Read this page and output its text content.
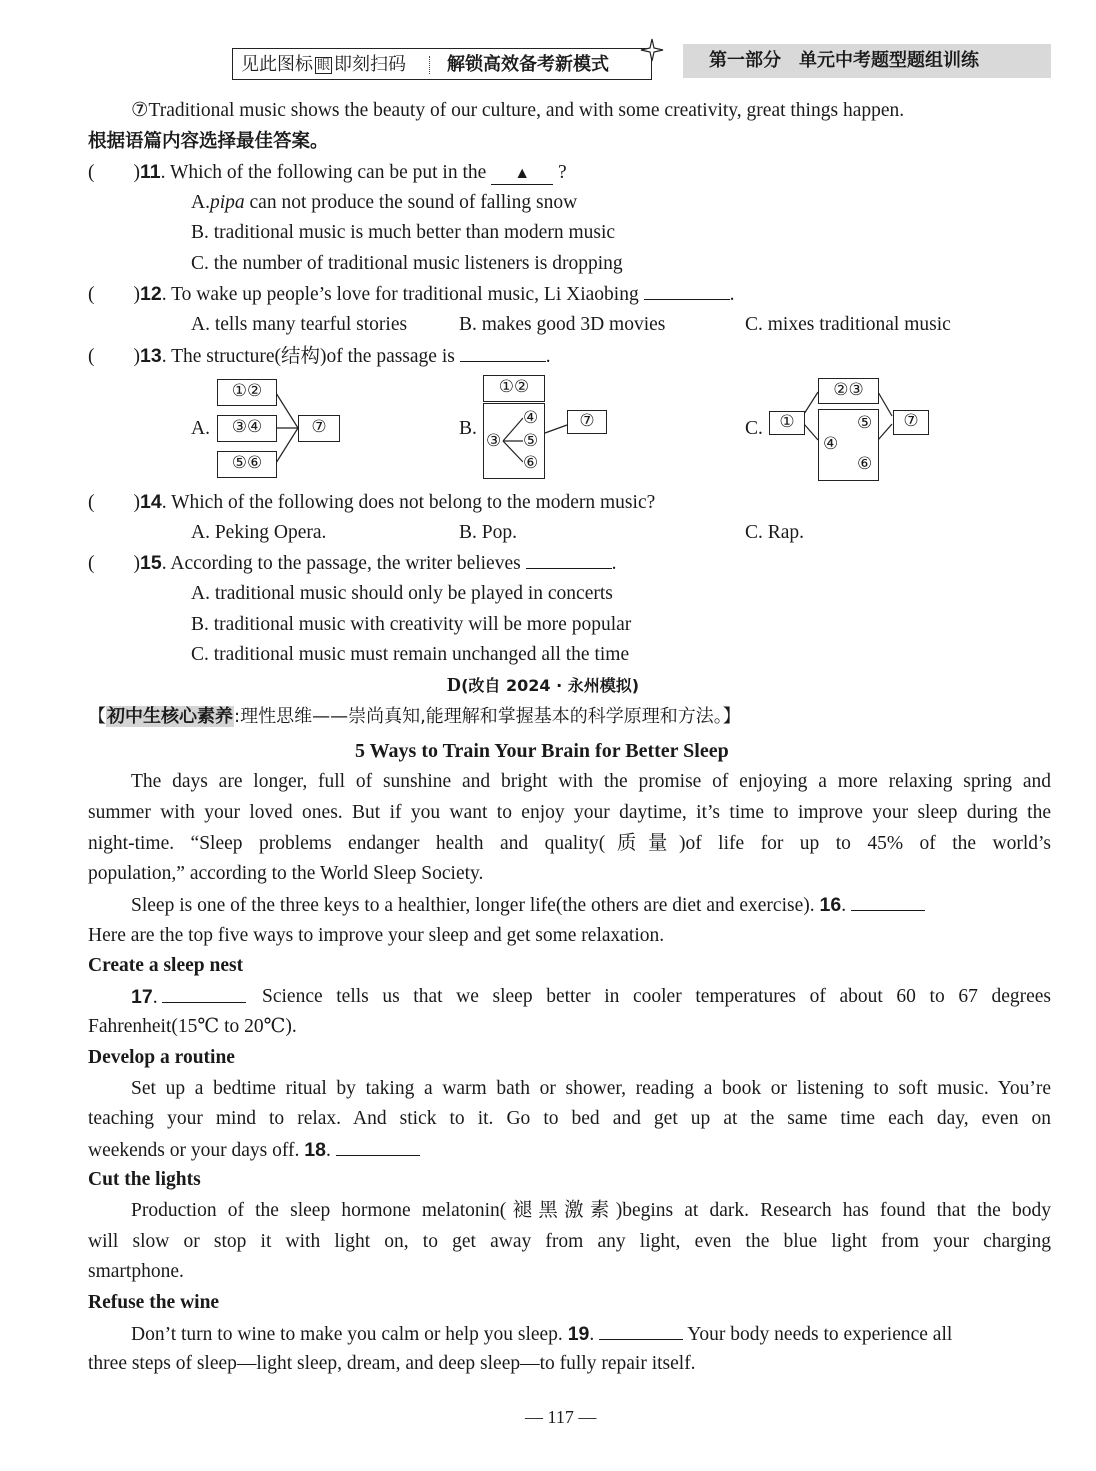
见此图标 眼 即刻扫码 解锁高效备考新模式	第一部分　单元中考题型题组训练
⑦Traditional music shows the beauty of our culture, and with some creativity, great things happen.
根据语篇内容选择最佳答案。
(　　)11. Which of the following can be put in the ▲ ?
A.pipa can not produce the sound of falling snow
B. traditional music is much better than modern music
C. the number of traditional music listeners is dropping
(　　)12. To wake up people’s love for traditional music, Li Xiaobing	.
A. tells many tearful stories	B. makes good 3D movies	C. mixes traditional music
(　　)13. The structure(结构)of the passage is	.
A.
①②
③④
⑤⑥
⑦	B.
①②
③
④
⑤
⑥
⑦	C. ①
②③
④
⑤
⑥
⑦
(　　)14. Which of the following does not belong to the modern music?
A. Peking Opera.	B. Pop.	C. Rap.
(　　)15. According to the passage, the writer believes	.
A. traditional music should only be played in concerts
B. traditional music with creativity will be more popular
C. traditional music must remain unchanged all the time
D(改自 2024 · 永州模拟)
【初中生核心素养:理性思维——崇尚真知,能理解和掌握基本的科学原理和方法。】
5 Ways to Train Your Brain for Better Sleep
The days are longer, full of sunshine and bright with the promise of enjoying a more relaxing spring and
summer with your loved ones. But if you want to enjoy your daytime, it’s time to improve your sleep during the
night-time. “Sleep problems endanger health and quality(质量)of life for up to 45% of the world’s
population,” according to the World Sleep Society.
Sleep is one of the three keys to a healthier, longer life(the others are diet and exercise). 16.
Here are the top five ways to improve your sleep and get some relaxation.
Create a sleep nest
17.	Science tells us that we sleep better in cooler temperatures of about 60 to 67 degrees
Fahrenheit(15℃ to 20℃).
Develop a routine
Set up a bedtime ritual by taking a warm bath or shower, reading a book or listening to soft music. You’re
teaching your mind to relax. And stick to it. Go to bed and get up at the same time each day, even on
weekends or your days off. 18.
Cut the lights
Production of the sleep hormone melatonin(褪黑激素)begins at dark. Research has found that the body
will slow or stop it with light on, to get away from any light, even the blue light from your charging
smartphone.
Refuse the wine
Don’t turn to wine to make you calm or help you sleep. 19.	Your body needs to experience all
three steps of sleep—light sleep, dream, and deep sleep—to fully repair itself.
— 117 —
